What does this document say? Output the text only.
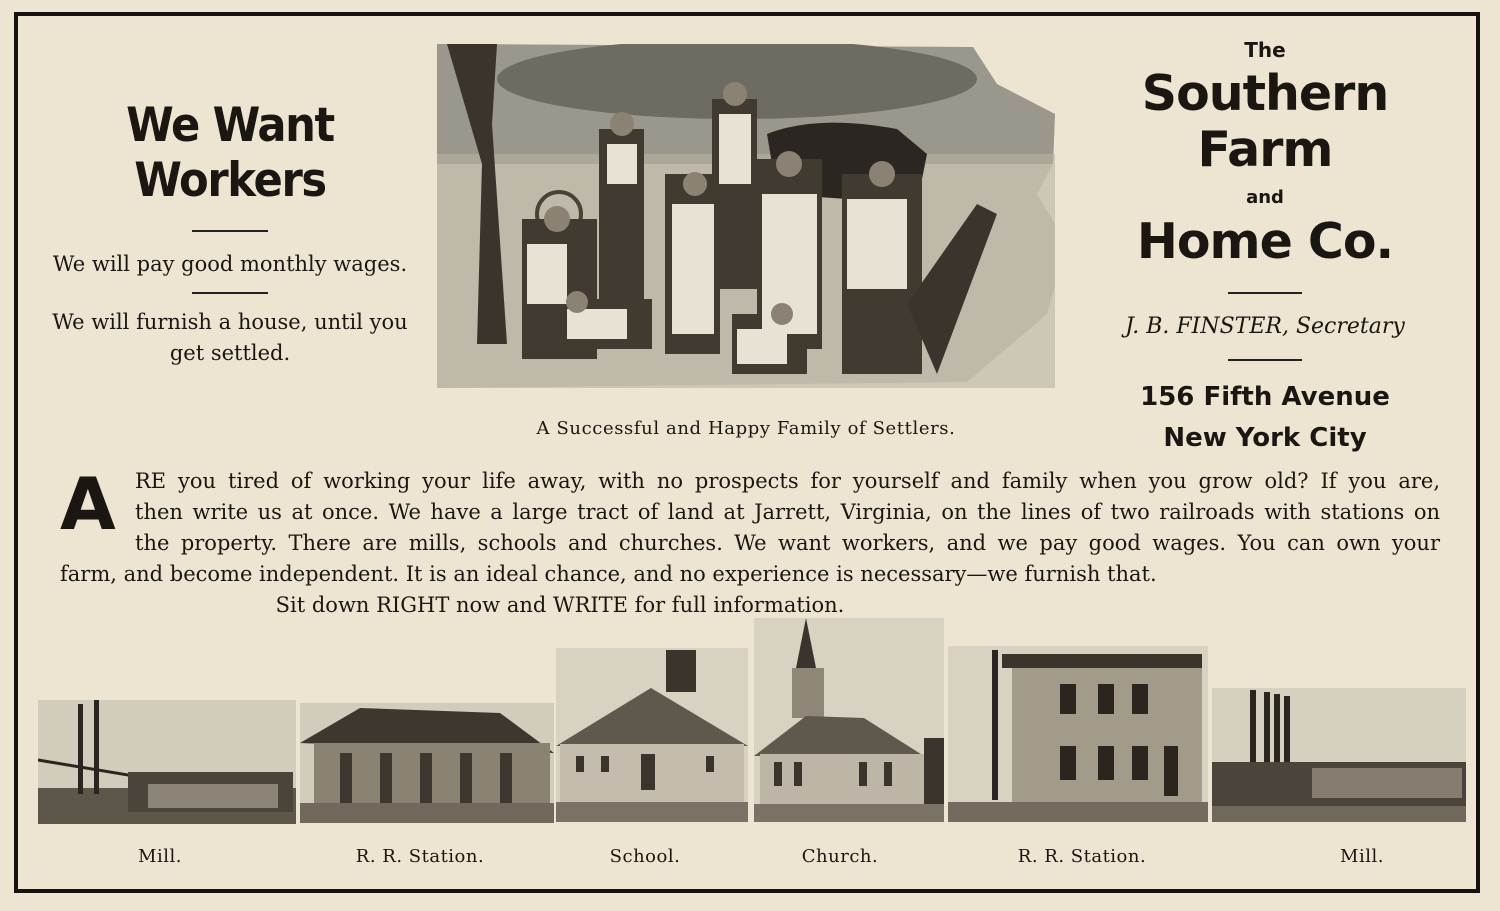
We Want Workers
We will pay good monthly wages.
We will furnish a house, until you get settled.
A Successful and Happy Family of Settlers.
The
Southern Farm
and
Home Co.
J. B. FINSTER, Secretary
156 Fifth Avenue
New York City
A RE you tired of working your life away, with no prospects for yourself and family when you grow old? If you are,
then write us at once. We have a large tract of land at Jarrett, Virginia, on the lines of two railroads with stations on
the property. There are mills, schools and churches. We want workers, and we pay good wages. You can own your
farm, and become independent. It is an ideal chance, and no experience is necessary—we furnish that.
Sit down RIGHT now and WRITE for full information.
Mill.	R. R. Station.	School.	Church.	R. R. Station.	Mill.
